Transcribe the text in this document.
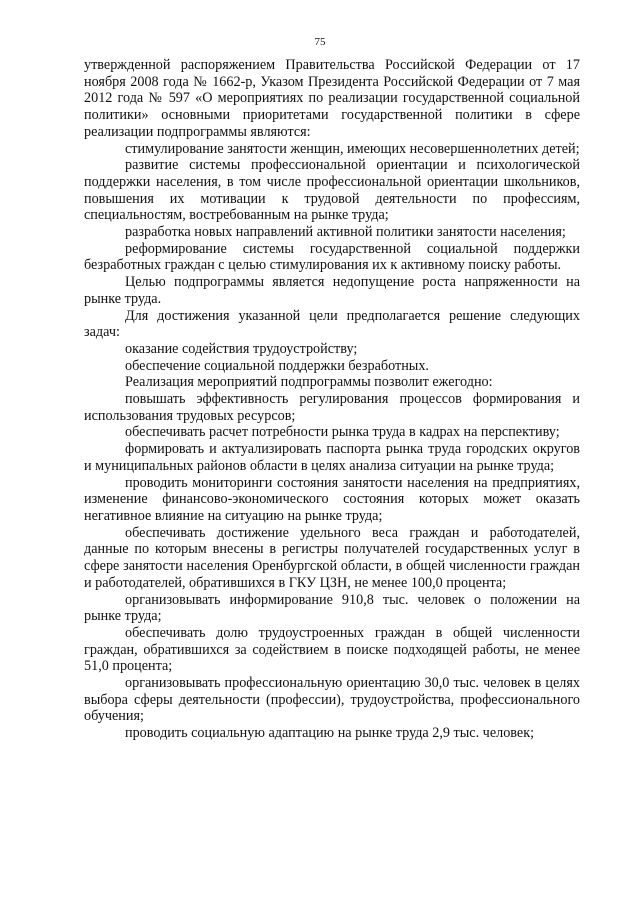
75

утвержденной распоряжением Правительства Российской Федерации от 17 ноября 2008 года № 1662-р, Указом Президента Российской Федерации от 7 мая 2012 года № 597 «О мероприятиях по реализации государственной социальной политики» основными приоритетами государственной политики в сфере реализации подпрограммы являются:

стимулирование занятости женщин, имеющих несовершеннолетних детей;

развитие системы профессиональной ориентации и психологической поддержки населения, в том числе профессиональной ориентации школьников, повышения их мотивации к трудовой деятельности по профессиям, специальностям, востребованным на рынке труда;

разработка новых направлений активной политики занятости населения;

реформирование системы государственной социальной поддержки безработных граждан с целью стимулирования их к активному поиску работы.

Целью подпрограммы является недопущение роста напряженности на рынке труда.

Для достижения указанной цели предполагается решение следующих задач:

оказание содействия трудоустройству;

обеспечение социальной поддержки безработных.

Реализация мероприятий подпрограммы позволит ежегодно:

повышать эффективность регулирования процессов формирования и использования трудовых ресурсов;

обеспечивать расчет потребности рынка труда в кадрах на перспективу;

формировать и актуализировать паспорта рынка труда городских округов и муниципальных районов области в целях анализа ситуации на рынке труда;

проводить мониторинги состояния занятости населения на предприятиях, изменение финансово-экономического состояния которых может оказать негативное влияние на ситуацию на рынке труда;

обеспечивать достижение удельного веса граждан и работодателей, данные по которым внесены в регистры получателей государственных услуг в сфере занятости населения Оренбургской области, в общей численности граждан и работодателей, обратившихся в ГКУ ЦЗН, не менее 100,0 процента;

организовывать информирование 910,8 тыс. человек о положении на рынке труда;

обеспечивать долю трудоустроенных граждан в общей численности граждан, обратившихся за содействием в поиске подходящей работы, не менее 51,0 процента;

организовывать профессиональную ориентацию 30,0 тыс. человек в целях выбора сферы деятельности (профессии), трудоустройства, профессионального обучения;

проводить социальную адаптацию на рынке труда 2,9 тыс. человек;
